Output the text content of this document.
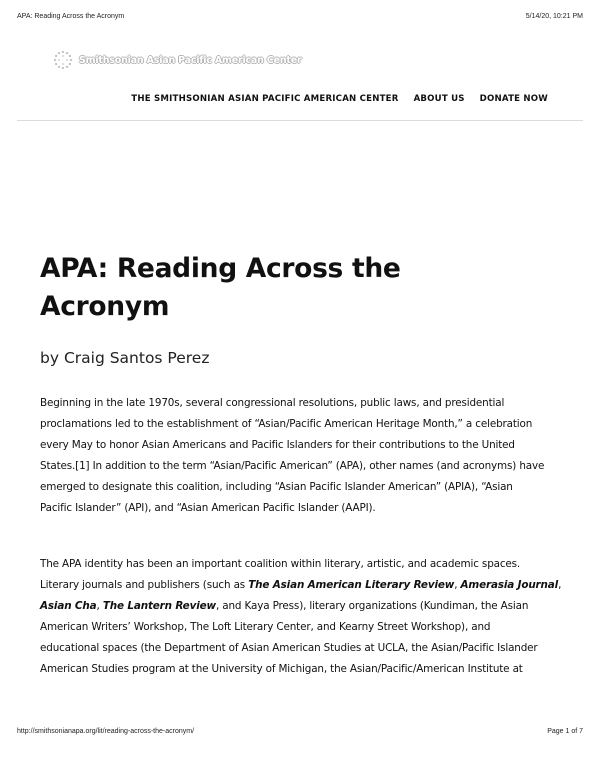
APA: Reading Across the Acronym	5/14/20, 10:21 PM
Smithsonian Asian Pacific American Center
THE SMITHSONIAN ASIAN PACIFIC AMERICAN CENTER ABOUT US DONATE NOW
APA: Reading Across the
Acronym
by Craig Santos Perez

Beginning in the late 1970s, several congressional resolutions, public laws, and presidential
proclamations led to the establishment of “Asian/Pacific American Heritage Month,” a celebration
every May to honor Asian Americans and Pacific Islanders for their contributions to the United
States.[1] In addition to the term “Asian/Pacific American” (APA), other names (and acronyms) have
emerged to designate this coalition, including “Asian Pacific Islander American” (APIA), “Asian
Pacific Islander” (API), and “Asian American Pacific Islander (AAPI).

The APA identity has been an important coalition within literary, artistic, and academic spaces.
Literary journals and publishers (such as The Asian American Literary Review, Amerasia Journal,
Asian Cha, The Lantern Review, and Kaya Press), literary organizations (Kundiman, the Asian
American Writers’ Workshop, The Loft Literary Center, and Kearny Street Workshop), and
educational spaces (the Department of Asian American Studies at UCLA, the Asian/Pacific Islander
American Studies program at the University of Michigan, the Asian/Pacific/American Institute at

http://smithsonianapa.org/lit/reading-across-the-acronym/	Page 1 of 7
